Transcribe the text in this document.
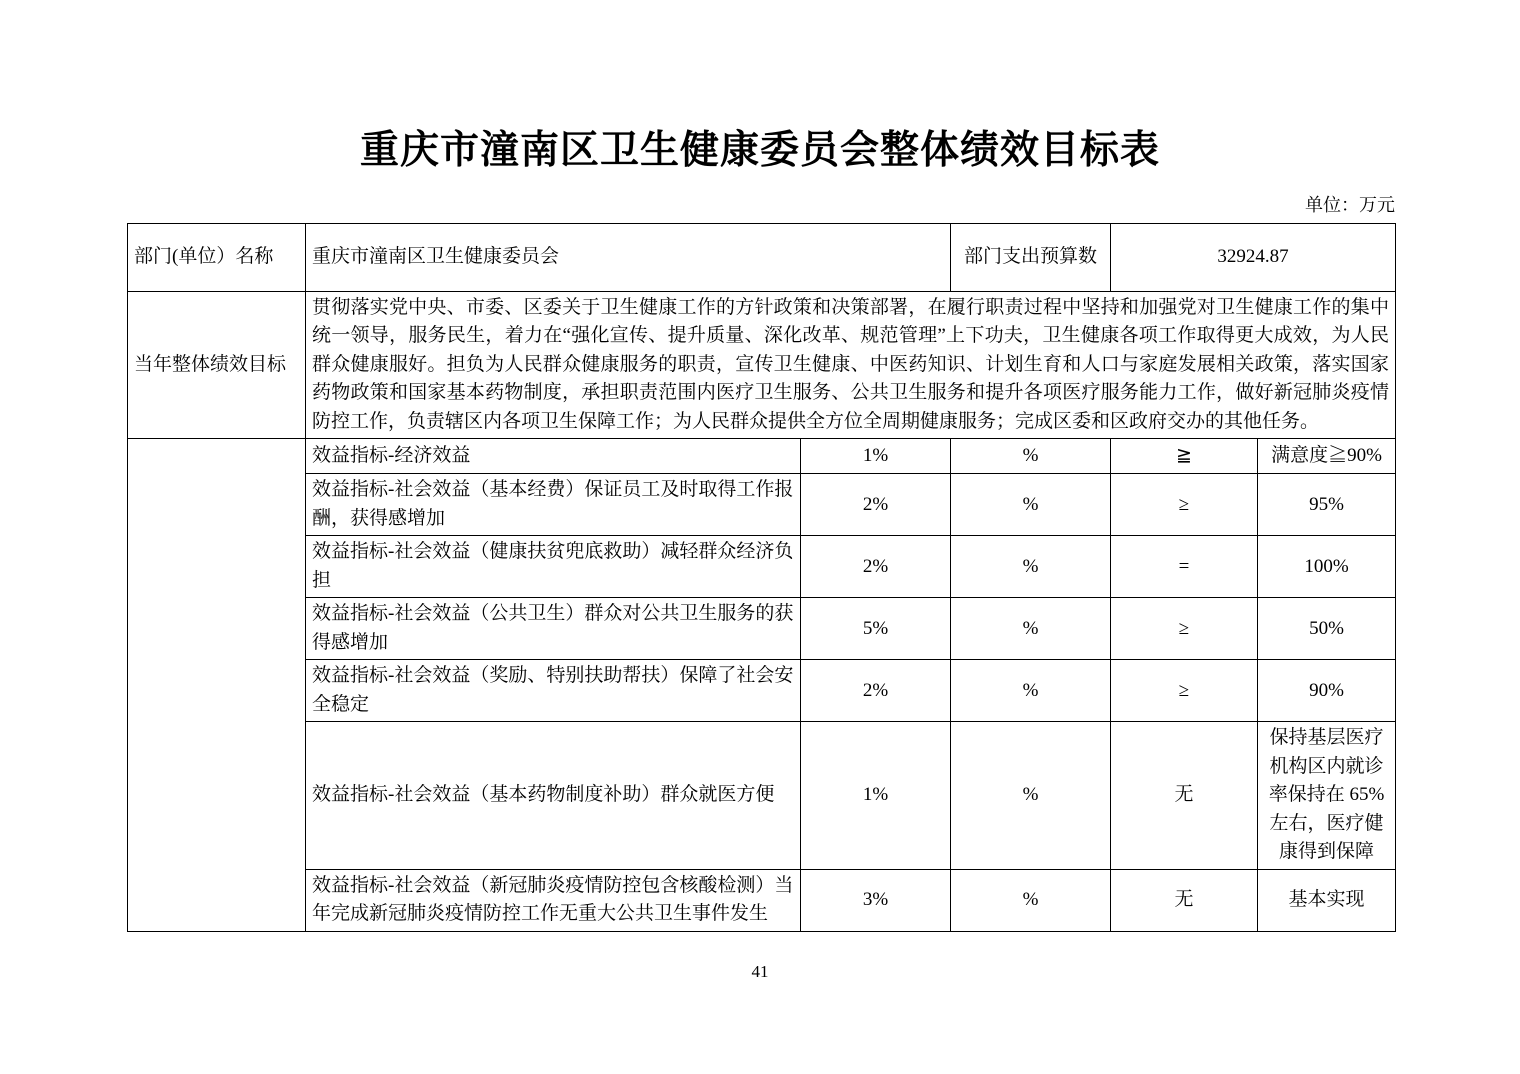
重庆市潼南区卫生健康委员会整体绩效目标表
单位：万元
部门(单位）名称	重庆市潼南区卫生健康委员会		部门支出预算数	32924.87	
当年整体绩效目标	贯彻落实党中央、市委、区委关于卫生健康工作的方针政策和决策部署，在履行职责过程中坚持和加强党对卫生健康工作的集中统一领导，服务民生，着力在“强化宣传、提升质量、深化改革、规范管理”上下功夫，卫生健康各项工作取得更大成效，为人民群众健康服好。担负为人民群众健康服务的职责，宣传卫生健康、中医药知识、计划生育和人口与家庭发展相关政策，落实国家药物政策和国家基本药物制度，承担职责范围内医疗卫生服务、公共卫生服务和提升各项医疗服务能力工作，做好新冠肺炎疫情防控工作，负责辖区内各项卫生保障工作；为人民群众提供全方位全周期健康服务；完成区委和区政府交办的其他任务。				
	效益指标-经济效益	1%	%	≧	满意度≧90%
	效益指标-社会效益（基本经费）保证员工及时取得工作报酬，获得感增加	2%	%	≥	95%
	效益指标-社会效益（健康扶贫兜底救助）减轻群众经济负担	2%	%	=	100%
	效益指标-社会效益（公共卫生）群众对公共卫生服务的获得感增加	5%	%	≥	50%
	效益指标-社会效益（奖励、特别扶助帮扶）保障了社会安全稳定	2%	%	≥	90%
	效益指标-社会效益（基本药物制度补助）群众就医方便	1%	%	无	保持基层医疗机构区内就诊率保持在 65%左右，医疗健康得到保障
	效益指标-社会效益（新冠肺炎疫情防控包含核酸检测）当年完成新冠肺炎疫情防控工作无重大公共卫生事件发生	3%	%	无	基本实现
41
